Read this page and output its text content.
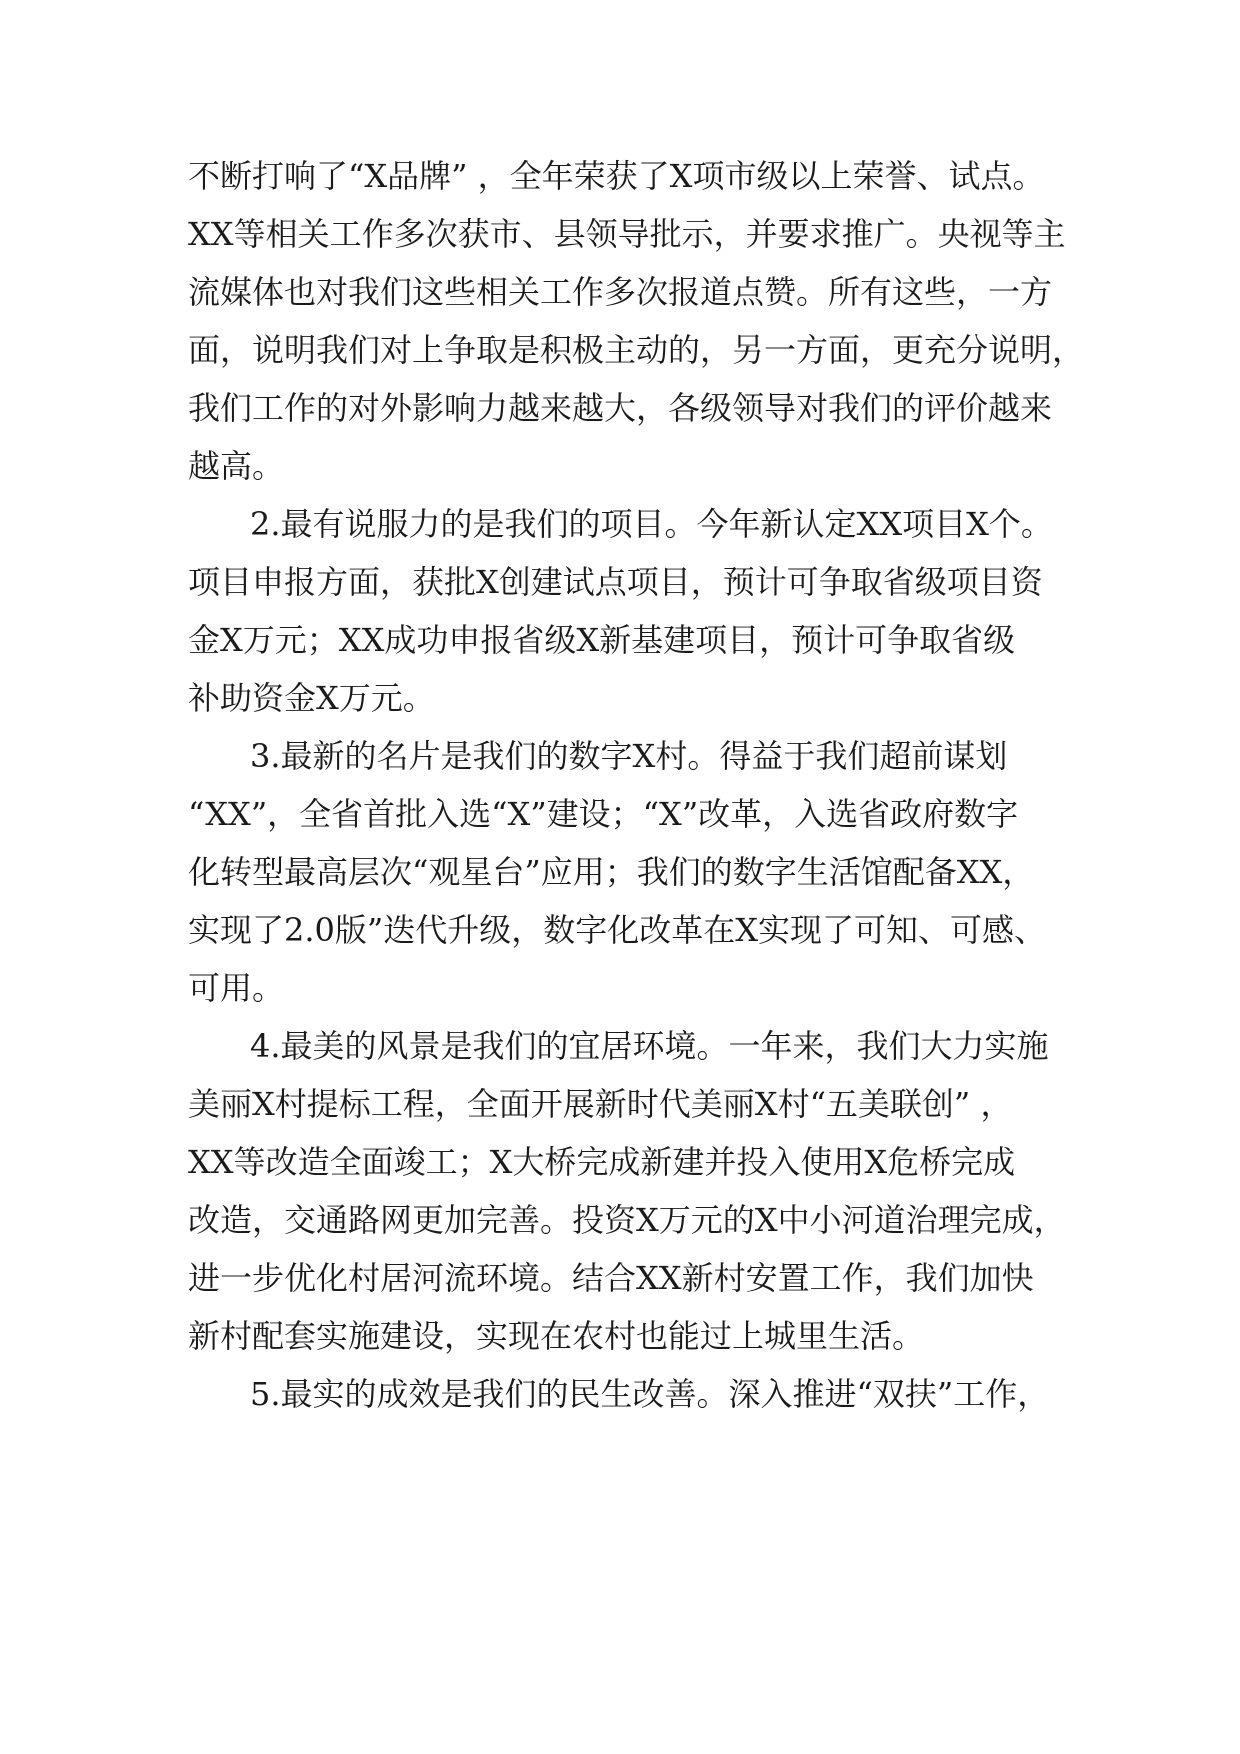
不断打响了“X品牌” ，全年荣获了X项市级以上荣誉、试点。
XX等相关工作多次获市、县领导批示，并要求推广。央视等主
流媒体也对我们这些相关工作多次报道点赞。所有这些，一方
面，说明我们对上争取是积极主动的，另一方面，更充分说明，
我们工作的对外影响力越来越大，各级领导对我们的评价越来
越高。
2.最有说服力的是我们的项目。今年新认定XX项目X个。
项目申报方面，获批X创建试点项目，预计可争取省级项目资
金X万元；XX成功申报省级X新基建项目，预计可争取省级
补助资金X万元。
3.最新的名片是我们的数字X村。得益于我们超前谋划
“XX”，全省首批入选“X”建设；“X”改革，入选省政府数字
化转型最高层次“观星台”应用；我们的数字生活馆配备XX，
实现了2.0版”迭代升级，数字化改革在X实现了可知、可感、
可用。
4.最美的风景是我们的宜居环境。一年来，我们大力实施
美丽X村提标工程，全面开展新时代美丽X村“五美联创” ，
XX等改造全面竣工；X大桥完成新建并投入使用X危桥完成
改造，交通路网更加完善。投资X万元的X中小河道治理完成，
进一步优化村居河流环境。结合XX新村安置工作，我们加快
新村配套实施建设，实现在农村也能过上城里生活。
5.最实的成效是我们的民生改善。深入推进“双扶”工作，
